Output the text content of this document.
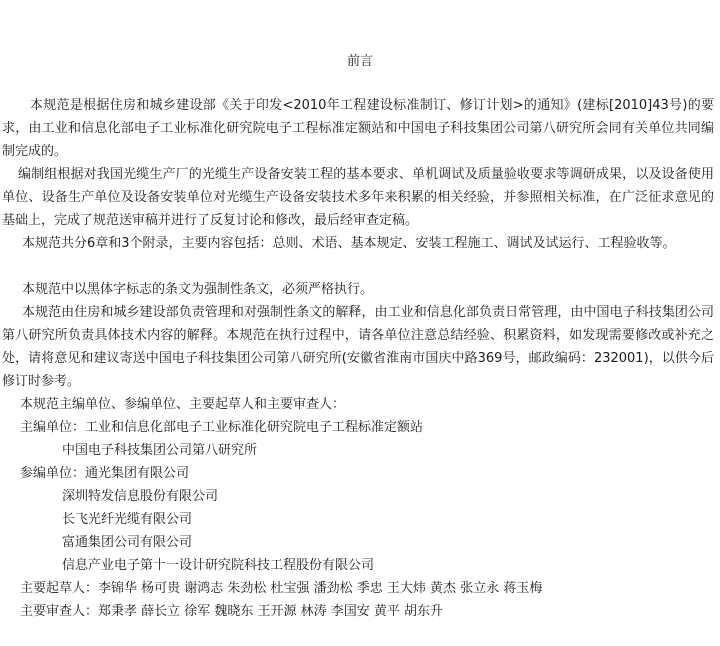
前言

本规范是根据住房和城乡建设部《关于印发<2010年工程建设标准制订、修订计划>的通知》(建标[2010]43号)的要求，由工业和信息化部电子工业标准化研究院电子工程标准定额站和中国电子科技集团公司第八研究所会同有关单位共同编制完成的。

编制组根据对我国光缆生产厂的光缆生产设备安装工程的基本要求、单机调试及质量验收要求等调研成果，以及设备使用单位、设备生产单位及设备安装单位对光缆生产设备安装技术多年来积累的相关经验，并参照相关标准，在广泛征求意见的基础上，完成了规范送审稿并进行了反复讨论和修改，最后经审查定稿。

本规范共分6章和3个附录，主要内容包括：总则、术语、基本规定、安装工程施工、调试及试运行、工程验收等。

本规范中以黑体字标志的条文为强制性条文，必须严格执行。

本规范由住房和城乡建设部负责管理和对强制性条文的解释，由工业和信息化部负责日常管理，由中国电子科技集团公司第八研究所负责具体技术内容的解释。本规范在执行过程中，请各单位注意总结经验、积累资料，如发现需要修改或补充之处，请将意见和建议寄送中国电子科技集团公司第八研究所(安徽省淮南市国庆中路369号，邮政编码：232001)，以供今后修订时参考。

本规范主编单位、参编单位、主要起草人和主要审查人：
主编单位：工业和信息化部电子工业标准化研究院电子工程标准定额站
中国电子科技集团公司第八研究所
参编单位：通光集团有限公司
深圳特发信息股份有限公司
长飞光纤光缆有限公司
富通集团公司有限公司
信息产业电子第十一设计研究院科技工程股份有限公司
主要起草人：李锦华 杨可贵 谢鸿志 朱劲松 杜宝强 潘劲松 季忠 王大炜 黄杰 张立永 蒋玉梅
主要审查人：郑秉孝 薛长立 徐军 魏晓东 王开源 林涛 李国安 黄平 胡东升
